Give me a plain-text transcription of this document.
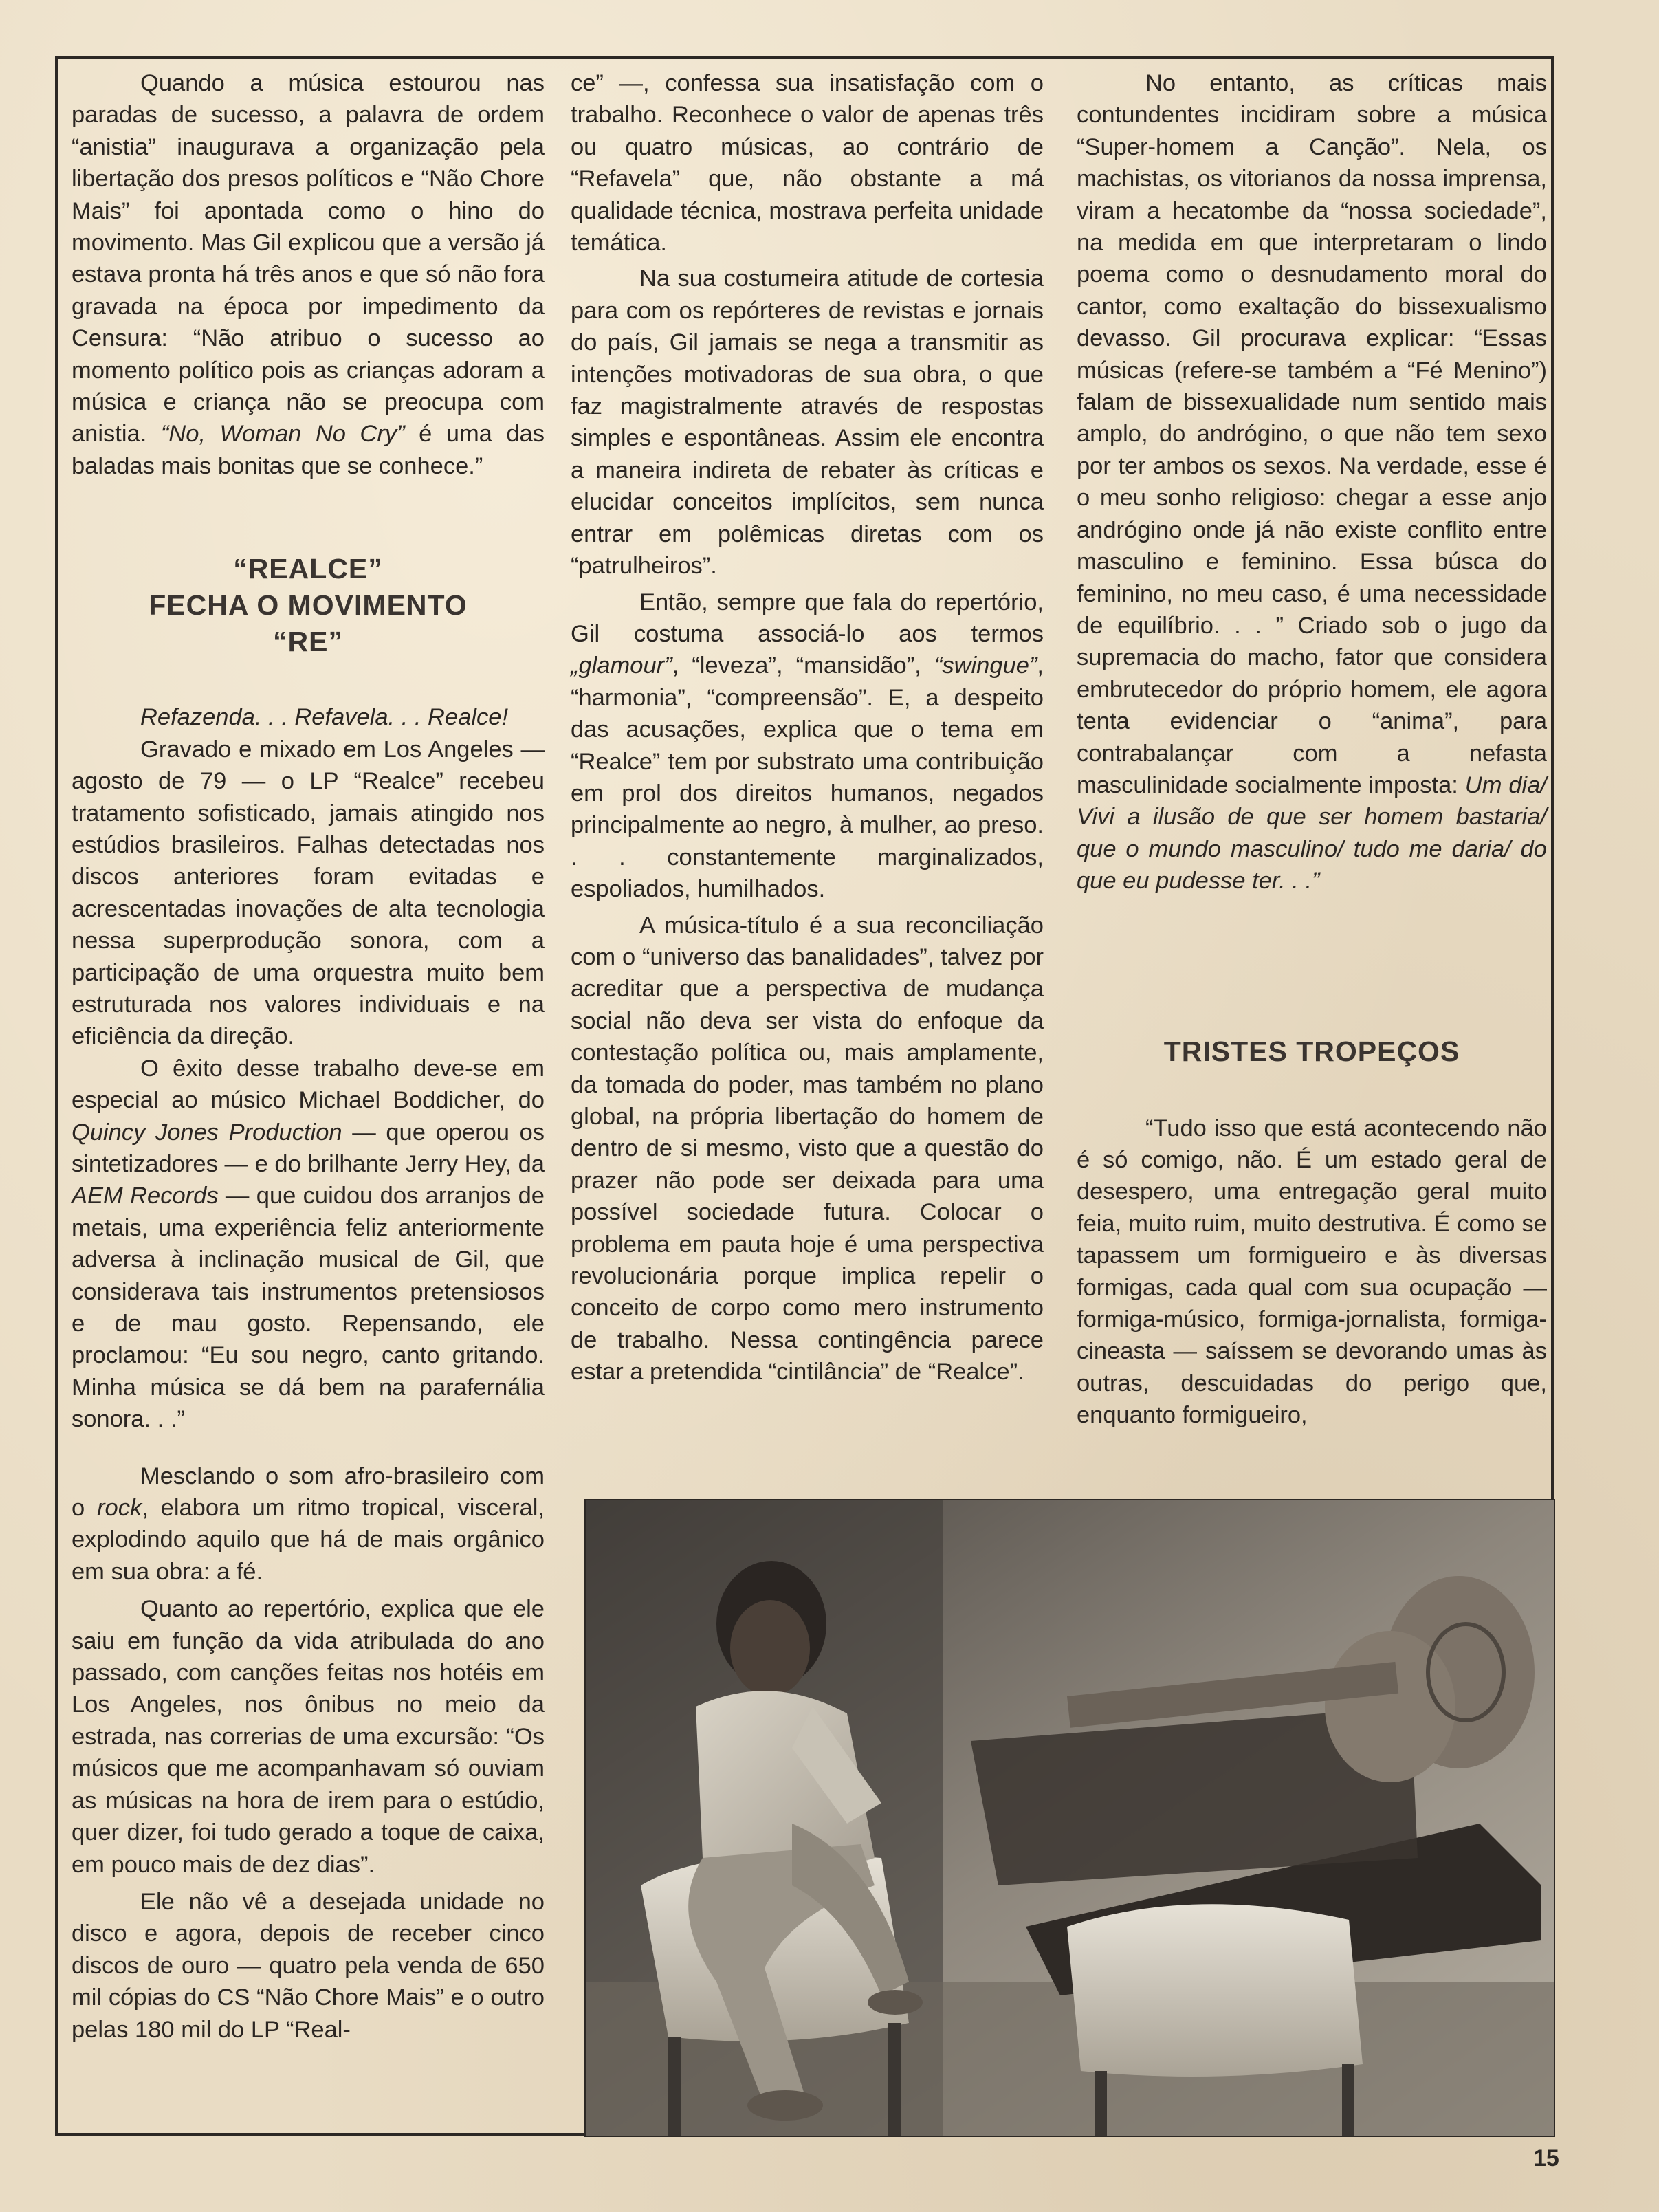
Quando a música estourou nas paradas de sucesso, a palavra de ordem “anistia” inaugurava a organização pela libertação dos presos políticos e “Não Chore Mais” foi apontada como o hino do movimento. Mas Gil explicou que a versão já estava pronta há três anos e que só não fora gravada na época por impedimento da Censura: “Não atribuo o sucesso ao momento político pois as crianças adoram a música e criança não se preocupa com anistia. “No, Woman No Cry” é uma das baladas mais bonitas que se conhece.”

“REALCE”
FECHA O MOVIMENTO
“RE”

Refazenda. . . Refavela. . . Realce!

Gravado e mixado em Los Angeles — agosto de 79 — o LP “Realce” recebeu tratamento sofisticado, jamais atingido nos estúdios brasileiros. Falhas detectadas nos discos anteriores foram evitadas e acrescentadas inovações de alta tecnologia nessa superprodução sonora, com a participação de uma orquestra muito bem estruturada nos valores individuais e na eficiência da direção.

O êxito desse trabalho deve-se em especial ao músico Michael Boddicher, do Quincy Jones Production — que operou os sintetizadores — e do brilhante Jerry Hey, da AEM Records — que cuidou dos arranjos de metais, uma experiência feliz anteriormente adversa à inclinação musical de Gil, que considerava tais instrumentos pretensiosos e de mau gosto. Repensando, ele proclamou: “Eu sou negro, canto gritando. Minha música se dá bem na parafernália sonora. . .”

Mesclando o som afro-brasileiro com o rock, elabora um ritmo tropical, visceral, explodindo aquilo que há de mais orgânico em sua obra: a fé.

Quanto ao repertório, explica que ele saiu em função da vida atribulada do ano passado, com canções feitas nos hotéis em Los Angeles, nos ônibus no meio da estrada, nas correrias de uma excursão: “Os músicos que me acompanhavam só ouviam as músicas na hora de irem para o estúdio, quer dizer, foi tudo gerado a toque de caixa, em pouco mais de dez dias”.

Ele não vê a desejada unidade no disco e agora, depois de receber cinco discos de ouro — quatro pela venda de 650 mil cópias do CS “Não Chore Mais” e o outro pelas 180 mil do LP “Real-

ce” —, confessa sua insatisfação com o trabalho. Reconhece o valor de apenas três ou quatro músicas, ao contrário de “Refavela” que, não obstante a má qualidade técnica, mostrava perfeita unidade temática.

Na sua costumeira atitude de cortesia para com os repórteres de revistas e jornais do país, Gil jamais se nega a transmitir as intenções motivadoras de sua obra, o que faz magistralmente através de respostas simples e espontâneas. Assim ele encontra a maneira indireta de rebater às críticas e elucidar conceitos implícitos, sem nunca entrar em polêmicas diretas com os “patrulheiros”.

Então, sempre que fala do repertório, Gil costuma associá-lo aos termos „glamour”, “leveza”, “mansidão”, “swingue”, “harmonia”, “compreensão”. E, a despeito das acusações, explica que o tema em “Realce” tem por substrato uma contribuição em prol dos direitos humanos, negados principalmente ao negro, à mulher, ao preso. . . constantemente marginalizados, espoliados, humilhados.

A música-título é a sua reconciliação com o “universo das banalidades”, talvez por acreditar que a perspectiva de mudança social não deva ser vista do enfoque da contestação política ou, mais amplamente, da tomada do poder, mas também no plano global, na própria libertação do homem de dentro de si mesmo, visto que a questão do prazer não pode ser deixada para uma possível sociedade futura. Colocar o problema em pauta hoje é uma perspectiva revolucionária porque implica repelir o conceito de corpo como mero instrumento de trabalho. Nessa contingência parece estar a pretendida “cintilância” de “Realce”.

No entanto, as críticas mais contundentes incidiram sobre a música “Super-homem a Canção”. Nela, os machistas, os vitorianos da nossa imprensa, viram a hecatombe da “nossa sociedade”, na medida em que interpretaram o lindo poema como o desnudamento moral do cantor, como exaltação do bissexualismo devasso. Gil procurava explicar: “Essas músicas (refere-se também a “Fé Menino”) falam de bissexualidade num sentido mais amplo, do andrógino, o que não tem sexo por ter ambos os sexos. Na verdade, esse é o meu sonho religioso: chegar a esse anjo andrógino onde já não existe conflito entre masculino e feminino. Essa búsca do feminino, no meu caso, é uma necessidade de equilíbrio. . . ” Criado sob o jugo da supremacia do macho, fator que considera embrutecedor do próprio homem, ele agora tenta evidenciar o “anima”, para contrabalançar com a nefasta masculinidade socialmente imposta: Um dia/ Vivi a ilusão de que ser homem bastaria/ que o mundo masculino/ tudo me daria/ do que eu pudesse ter. . .”

TRISTES TROPEÇOS

“Tudo isso que está acontecendo não é só comigo, não. É um estado geral de desespero, uma entregação geral muito feia, muito ruim, muito destrutiva. É como se tapassem um formigueiro e às diversas formigas, cada qual com sua ocupação — formiga-músico, formiga-jornalista, formiga-cineasta — saíssem se devorando umas às outras, descuidadas do perigo que, enquanto formigueiro,

15
